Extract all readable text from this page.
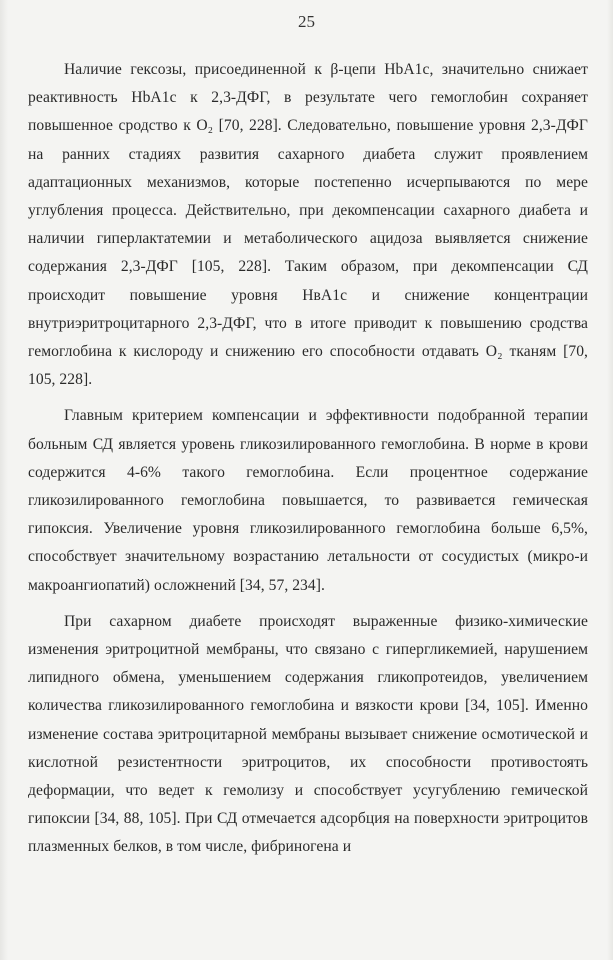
25

Наличие гексозы, присоединенной к β-цепи HbA1c, значительно снижает реактивность HbA1c к 2,3-ДФГ, в результате чего гемоглобин сохраняет повышенное сродство к O₂ [70, 228]. Следовательно, повышение уровня 2,3-ДФГ на ранних стадиях развития сахарного диабета служит проявлением адаптационных механизмов, которые постепенно исчерпываются по мере углубления процесса. Действительно, при декомпенсации сахарного диабета и наличии гиперлактатемии и метаболического ацидоза выявляется снижение содержания 2,3-ДФГ [105, 228]. Таким образом, при декомпенсации СД происходит повышение уровня HвA1c и снижение концентрации внутриэритроцитарного 2,3-ДФГ, что в итоге приводит к повышению сродства гемоглобина к кислороду и снижению его способности отдавать O₂ тканям [70, 105, 228].

Главным критерием компенсации и эффективности подобранной терапии больным СД является уровень гликозилированного гемоглобина. В норме в крови содержится 4-6% такого гемоглобина. Если процентное содержание гликозилированного гемоглобина повышается, то развивается гемическая гипоксия. Увеличение уровня гликозилированного гемоглобина больше 6,5%, способствует значительному возрастанию летальности от сосудистых (микро-и макроангиопатий) осложнений [34, 57, 234].

При сахарном диабете происходят выраженные физико-химические изменения эритроцитной мембраны, что связано с гипергликемией, нарушением липидного обмена, уменьшением содержания гликопротеидов, увеличением количества гликозилированного гемоглобина и вязкости крови [34, 105]. Именно изменение состава эритроцитарной мембраны вызывает снижение осмотической и кислотной резистентности эритроцитов, их способности противостоять деформации, что ведет к гемолизу и способствует усугублению гемической гипоксии [34, 88, 105]. При СД отмечается адсорбция на поверхности эритроцитов плазменных белков, в том числе, фибриногена и
